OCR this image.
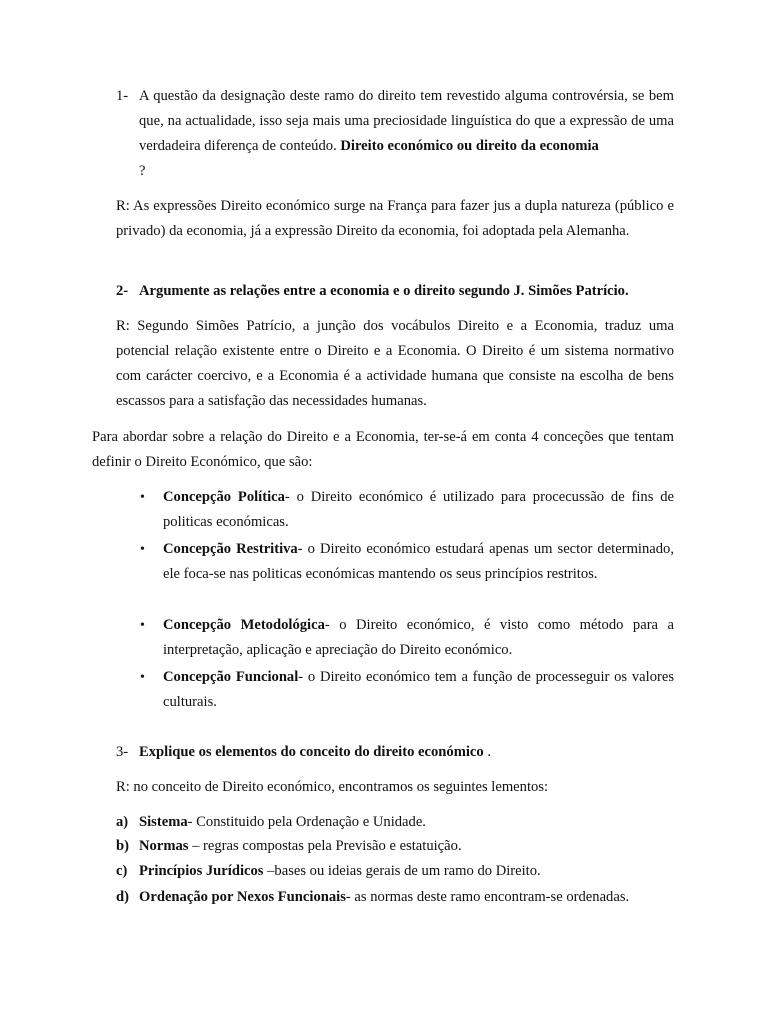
1- A questão da designação deste ramo do direito tem revestido alguma controvérsia, se bem que, na actualidade, isso seja mais uma preciosidade linguística do que a expressão de uma verdadeira diferença de conteúdo. Direito económico ou direito da economia
?
R: As expressões Direito económico surge na França para fazer jus a dupla natureza (público e privado) da economia, já a expressão Direito da economia, foi adoptada pela Alemanha.
2- Argumente as relações entre a economia e o direito segundo J. Simões Patrício.
R: Segundo Simões Patrício, a junção dos vocábulos Direito e a Economia, traduz uma potencial relação existente entre o Direito e a Economia. O Direito é um sistema normativo com carácter coercivo, e a Economia é a actividade humana que consiste na escolha de bens escassos para a satisfação das necessidades humanas.
Para abordar sobre a relação do Direito e a Economia, ter-se-á em conta 4 conceções que tentam definir o Direito Económico, que são:
• Concepção Política- o Direito económico é utilizado para procecussão de fins de politicas económicas.
• Concepção Restritiva- o Direito económico estudará apenas um sector determinado, ele foca-se nas politicas económicas mantendo os seus princípios restritos.
• Concepção Metodológica- o Direito económico, é visto como método para a interpretação, aplicação e apreciação do Direito económico.
• Concepção Funcional- o Direito económico tem a função de processeguir os valores culturais.
3- Explique os elementos do conceito do direito económico .
R: no conceito de Direito económico, encontramos os seguintes lementos:
a) Sistema- Constituido pela Ordenação e Unidade.
b) Normas – regras compostas pela Previsão e estatuição.
c) Princípios Jurídicos –bases ou ideias gerais de um ramo do Direito.
d) Ordenação por Nexos Funcionais- as normas deste ramo encontram-se ordenadas.
